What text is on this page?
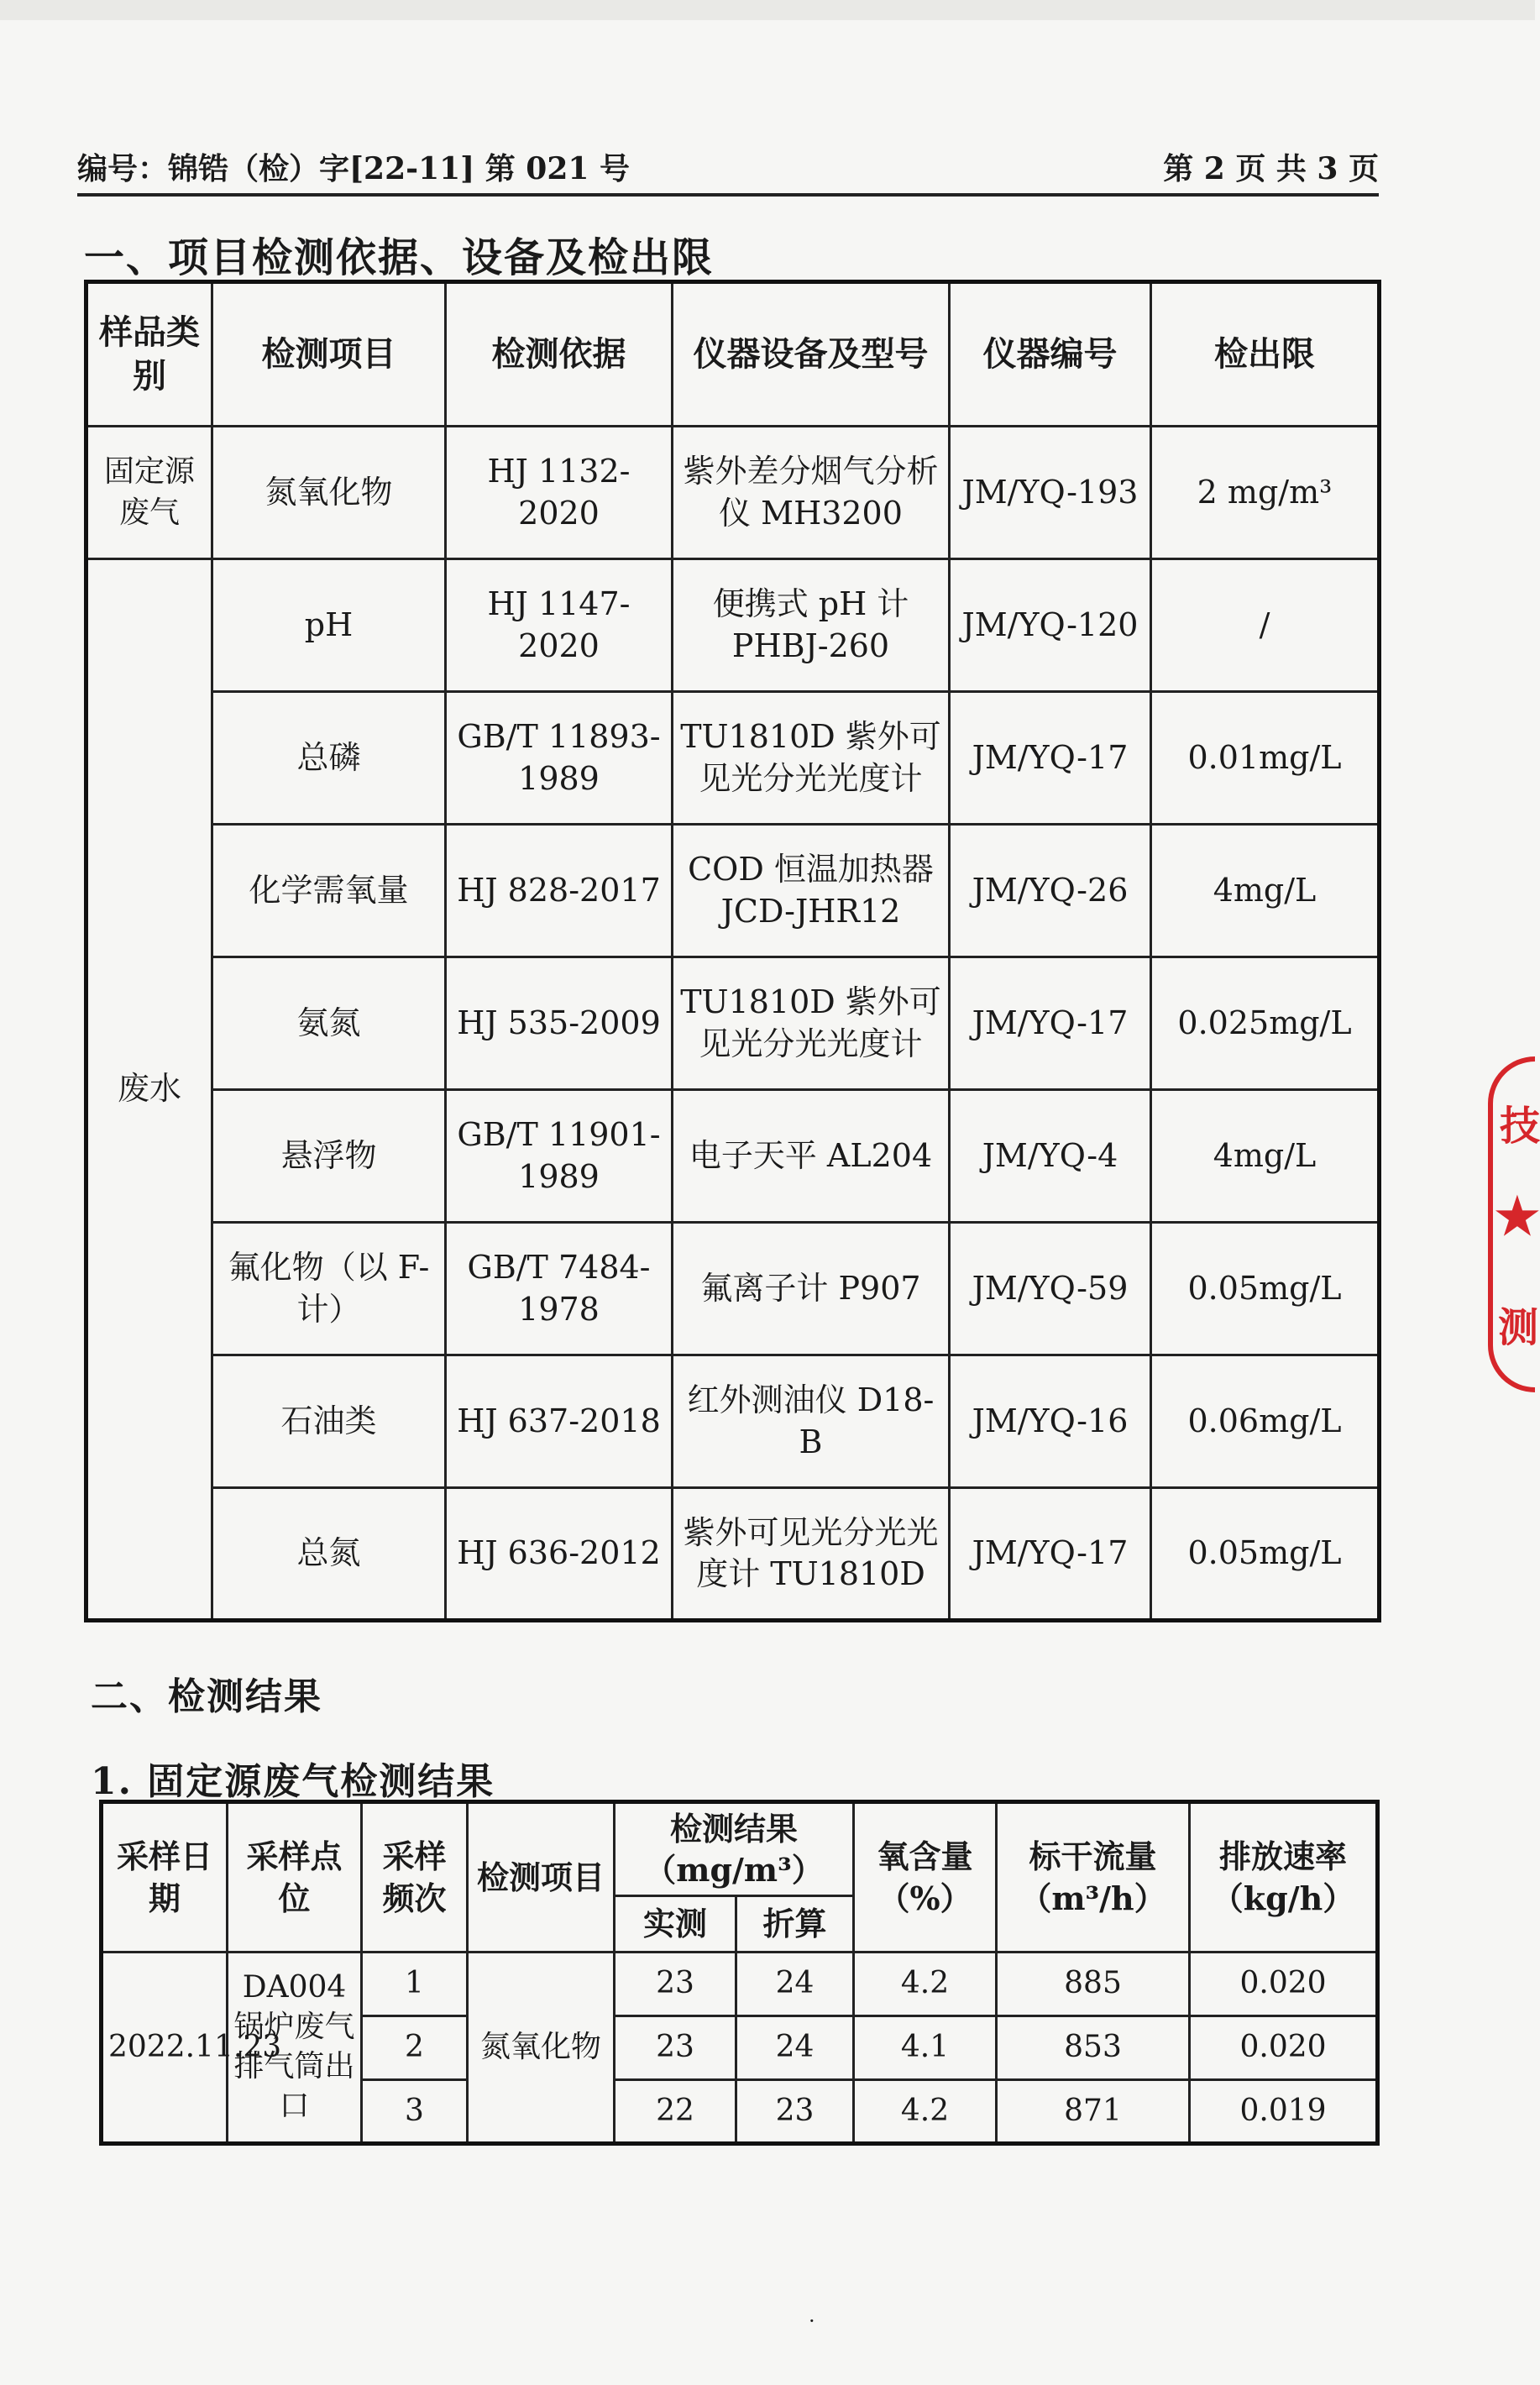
编号：锦锆（检）字[22-11] 第 021 号	第 2 页 共 3 页
一、项目检测依据、设备及检出限
样品类别	检测项目	检测依据	仪器设备及型号	仪器编号	检出限
固定源废气	氮氧化物	HJ 1132-2020	紫外差分烟气分析仪 MH3200	JM/YQ-193	2 mg/m³
废水	pH	HJ 1147-2020	便携式 pH 计 PHBJ-260	JM/YQ-120	/
	总磷	GB/T 11893-1989	TU1810D 紫外可见光分光光度计	JM/YQ-17	0.01mg/L
	化学需氧量	HJ 828-2017	COD 恒温加热器 JCD-JHR12	JM/YQ-26	4mg/L
	氨氮	HJ 535-2009	TU1810D 紫外可见光分光光度计	JM/YQ-17	0.025mg/L
	悬浮物	GB/T 11901-1989	电子天平 AL204	JM/YQ-4	4mg/L
	氟化物（以 F-计）	GB/T 7484-1978	氟离子计 P907	JM/YQ-59	0.05mg/L
	石油类	HJ 637-2018	红外测油仪 D18-B	JM/YQ-16	0.06mg/L
	总氮	HJ 636-2012	紫外可见光分光光度计 TU1810D	JM/YQ-17	0.05mg/L
二、检测结果
1. 固定源废气检测结果
采样日期	采样点位	采样频次	检测项目	检测结果（mg/m³）		氧含量（%）	标干流量（m³/h）	排放速率（kg/h）
				实测	折算			
2022.11.23	DA004 锅炉废气排气筒出口	1	氮氧化物	23	24	4.2	885	0.020
		2		23	24	4.1	853	0.020
		3		22	23	4.2	871	0.019
技
★
测
·
